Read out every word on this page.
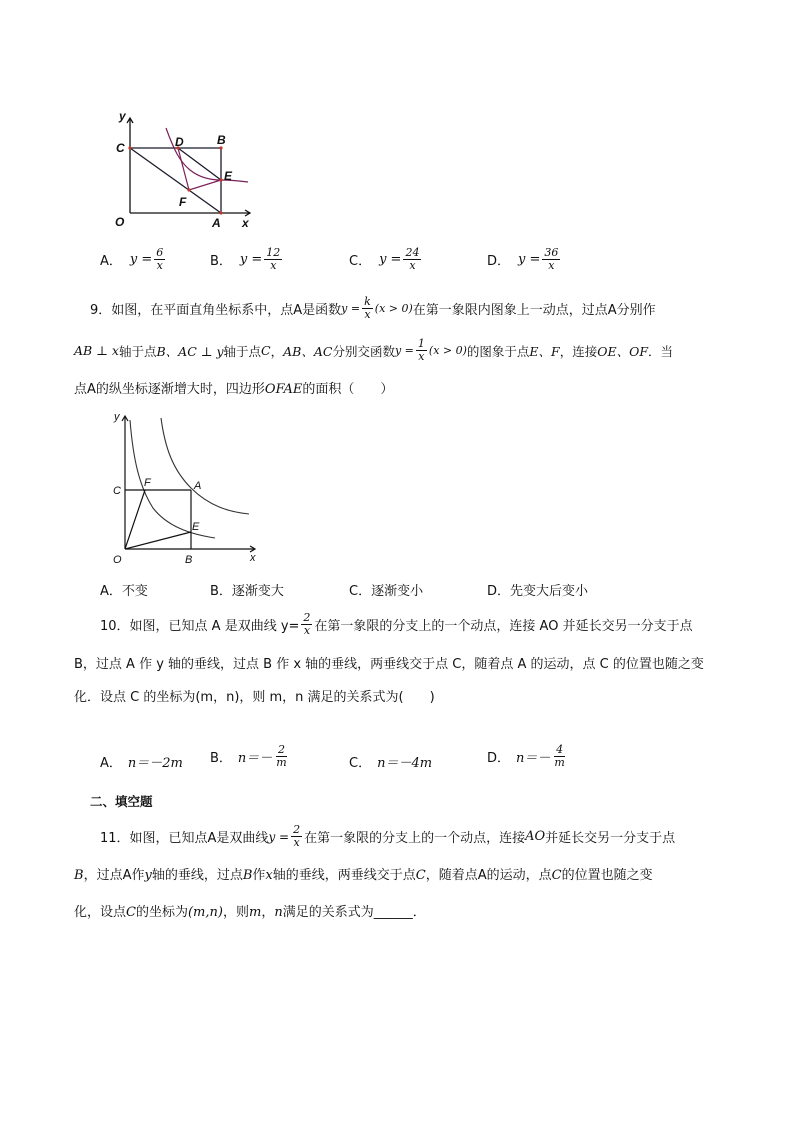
y
x
C	D	B
E
F
O	A
A． $y = \frac{6}{x}$	B． $y = \frac{12}{x}$	C． $y = \frac{24}{x}$	D． $y = \frac{36}{x}$
9．如图，在平面直角坐标系中，点A是函数 $y = \frac{k}{x} (x > 0)$ 在第一象限内图象上一动点，过点A分别作
AB ⊥ x 轴于点 B、AC ⊥ y 轴于点 C ， AB、AC 分别交函数 $y = \frac{1}{x} (x > 0)$ 的图象于点 E、F ，连接 OE、OF ．当
点A的纵坐标逐渐增大时，四边形OFAE的面积（　　）
y
x
C
F	A
E
O	B
A．不变	B．逐渐变大	C．逐渐变小	D．先变大后变小
10．如图，已知点 A 是双曲线 $y= \frac{2}{x}$ 在第一象限的分支上的一个动点，连接 AO 并延长交另一分支于点
B，过点 A 作 y 轴的垂线，过点 B 作 x 轴的垂线，两垂线交于点 C，随着点 A 的运动，点 C 的位置也随之变
化．设点 C 的坐标为(m，n)，则 m，n 满足的关系式为(　　)
A． n＝－2m B． $n=- \frac{2}{m}$	C． n＝－4m	D． $n=- \frac{4}{m}$
二、填空题
11．如图，已知点A是双曲线 $y = \frac{2}{x}$ 在第一象限的分支上的一个动点，连接 AO 并延长交另一分支于点
B，过点A作y轴的垂线，过点B作x轴的垂线，两垂线交于点C，随着点A的运动，点C的位置也随之变
化，设点C的坐标为(m,n)，则m，n满足的关系式为______．
